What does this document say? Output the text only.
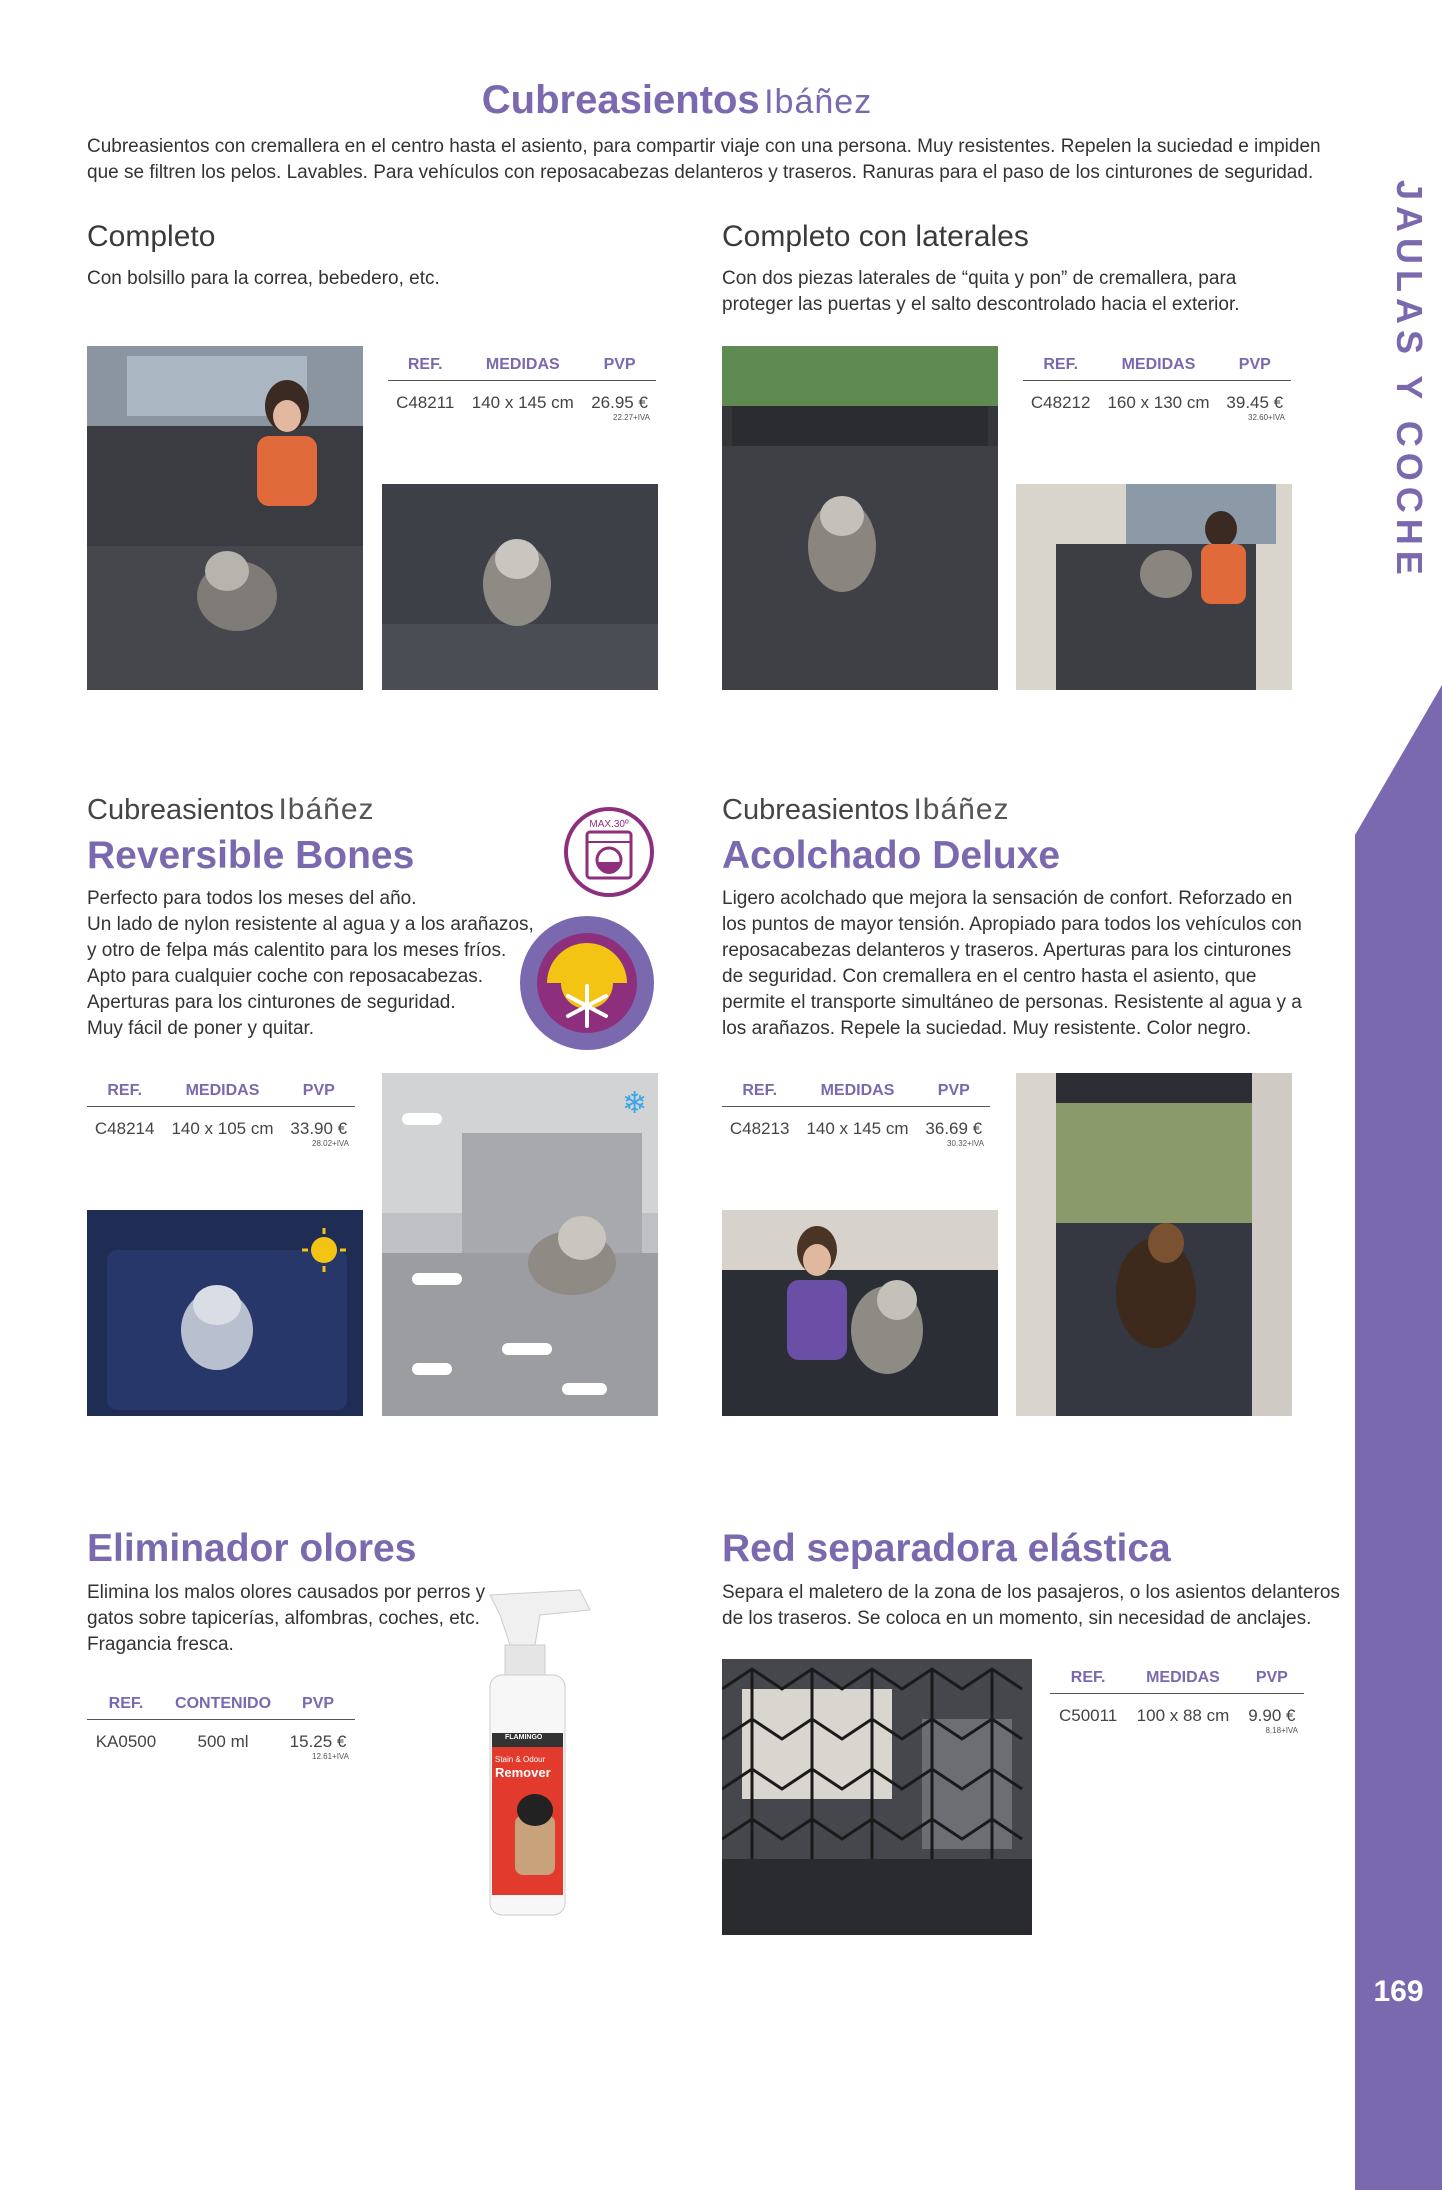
JAULAS Y COCHE
169
Cubreasientos Ibáñez
Cubreasientos con cremallera en el centro hasta el asiento, para compartir viaje con una persona. Muy resistentes. Repelen la suciedad e impiden que se filtren los pelos. Lavables. Para vehículos con reposacabezas delanteros y traseros. Ranuras para el paso de los cinturones de seguridad.
Completo
Con bolsillo para la correa, bebedero, etc.
REF.	MEDIDAS	PVP
C48211	140 x 145 cm	26.95 €
22.27+IVA
Completo con laterales
Con dos piezas laterales de “quita y pon” de cremallera, para proteger las puertas y el salto descontrolado hacia el exterior.
REF.	MEDIDAS	PVP
C48212	160 x 130 cm	39.45 €
32.60+IVA
Cubreasientos Ibáñez
Reversible Bones
Perfecto para todos los meses del año.
Un lado de nylon resistente al agua y a los arañazos,
y otro de felpa más calentito para los meses fríos.
Apto para cualquier coche con reposacabezas.
Aperturas para los cinturones de seguridad.
Muy fácil de poner y quitar.
MAX.30º
REF.	MEDIDAS	PVP
C48214	140 x 105 cm	33.90 €
28.02+IVA
❄
Cubreasientos Ibáñez
Acolchado Deluxe
Ligero acolchado que mejora la sensación de confort. Reforzado en los puntos de mayor tensión. Apropiado para todos los vehículos con reposacabezas delanteros y traseros. Aperturas para los cinturones de seguridad. Con cremallera en el centro hasta el asiento, que permite el transporte simultáneo de personas. Resistente al agua y a los arañazos. Repele la suciedad. Muy resistente. Color negro.
REF.	MEDIDAS	PVP
C48213	140 x 145 cm	36.69 €
30.32+IVA
Eliminador olores
Elimina los malos olores causados por perros y gatos sobre tapicerías, alfombras, coches, etc. Fragancia fresca.
REF.	CONTENIDO	PVP
KA0500	500 ml	15.25 €
12.61+IVA
FLAMINGO
Stain & Odour
Remover
Red separadora elástica
Separa el maletero de la zona de los pasajeros, o los asientos delanteros de los traseros. Se coloca en un momento, sin necesidad de anclajes.
REF.	MEDIDAS	PVP
C50011	100 x 88 cm	9.90 €
8.18+IVA
